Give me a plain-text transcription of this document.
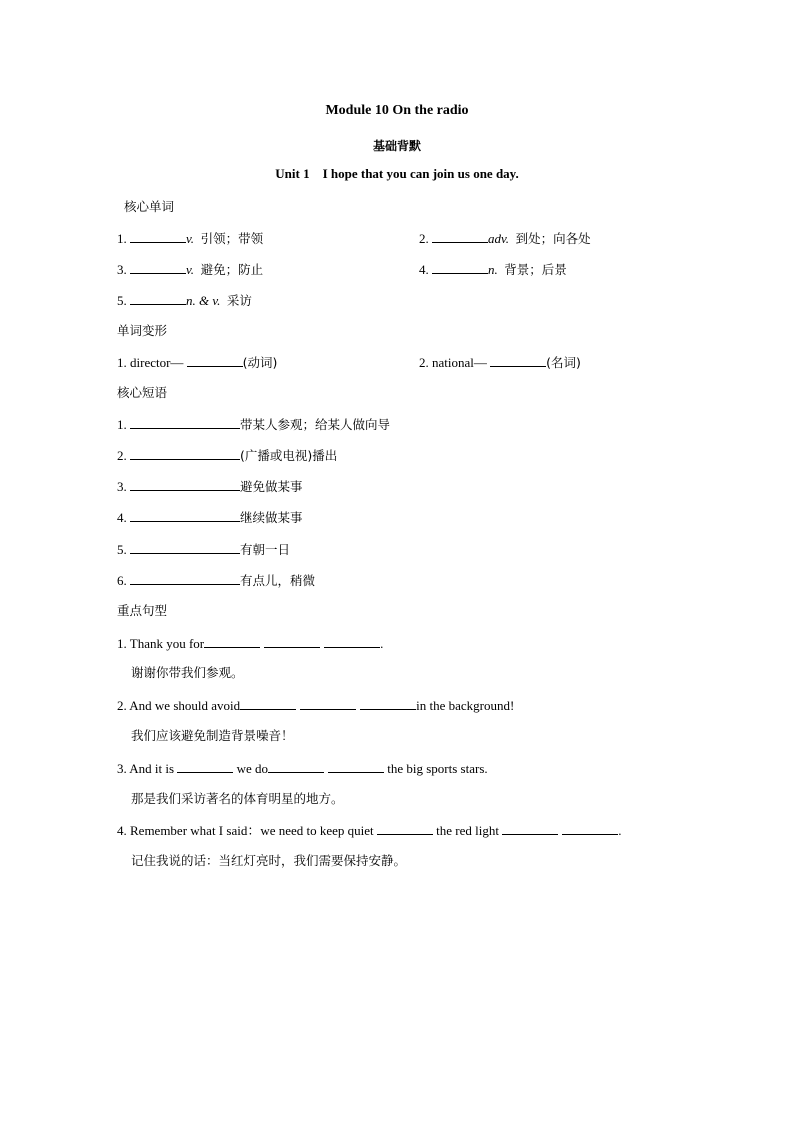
Module 10 On the radio
基础背默
Unit 1    I hope that you can join us one day.
核心单词
1.	v. 引领；带领	2.	adv. 到处；向各处
3.	v. 避免；防止	4.	n. 背景；后景
5.	n. & v. 采访
单词变形
1. director—	(动词)	2. national—	(名词)
核心短语
1.	带某人参观；给某人做向导
2.	(广播或电视)播出
3.	避免做某事
4.	继续做某事
5.	有朝一日
6.	有点儿，稍微
重点句型
1. Thank you for	.
谢谢你带我们参观。
2. And we should avoid	in the background!
我们应该避免制造背景噪音！
3. And it is	we do	the big sports stars.
那是我们采访著名的体育明星的地方。
4. Remember what I said：we need to keep quiet	the red light	.
记住我说的话：当红灯亮时，我们需要保持安静。
